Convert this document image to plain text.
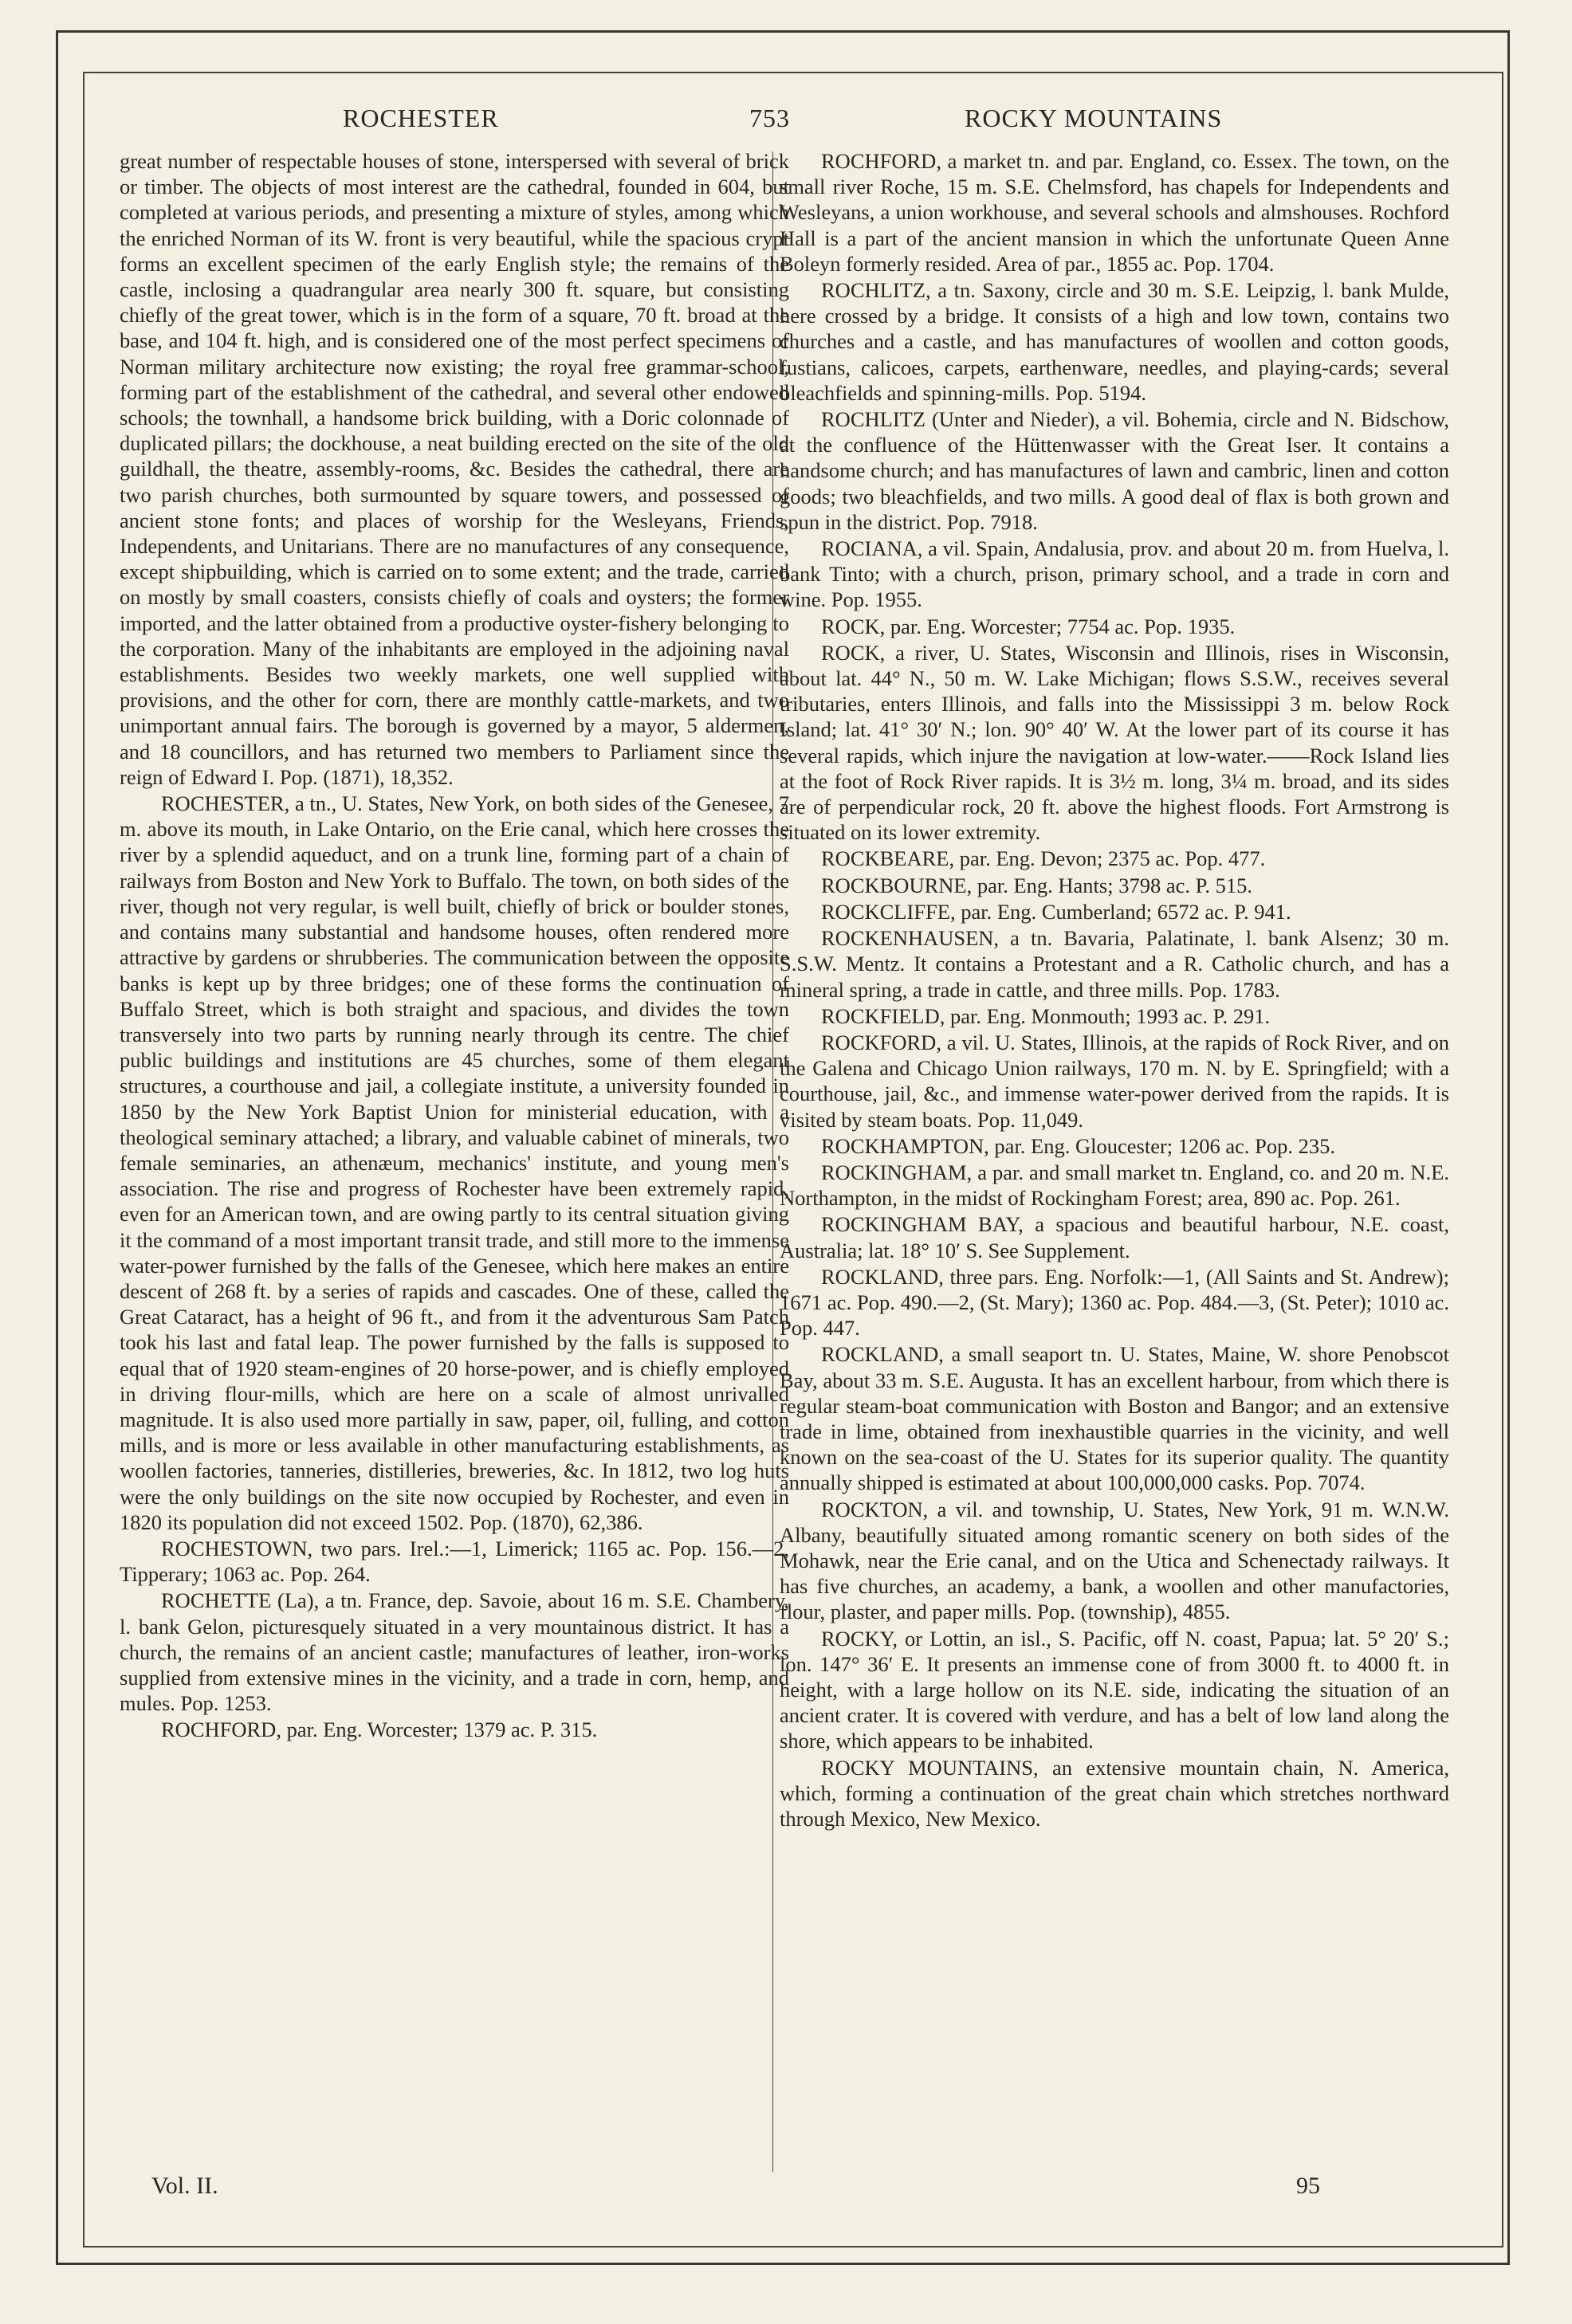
ROCHESTER	753	ROCKY MOUNTAINS

great number of respectable houses of stone, interspersed with several of brick or timber. The objects of most interest are the cathedral, founded in 604, but completed at various periods, and presenting a mixture of styles, among which the enriched Norman of its W. front is very beautiful, while the spacious crypt forms an excellent specimen of the early English style; the remains of the castle, inclosing a quadrangular area nearly 300 ft. square, but consisting chiefly of the great tower, which is in the form of a square, 70 ft. broad at the base, and 104 ft. high, and is considered one of the most perfect specimens of Norman military architecture now existing; the royal free grammar-school, forming part of the establishment of the cathedral, and several other endowed schools; the townhall, a handsome brick building, with a Doric colonnade of duplicated pillars; the dockhouse, a neat building erected on the site of the old guildhall, the theatre, assembly-rooms, &c. Besides the cathedral, there are two parish churches, both surmounted by square towers, and possessed of ancient stone fonts; and places of worship for the Wesleyans, Friends, Independents, and Unitarians. There are no manufactures of any consequence, except shipbuilding, which is carried on to some extent; and the trade, carried on mostly by small coasters, consists chiefly of coals and oysters; the former imported, and the latter obtained from a productive oyster-fishery belonging to the corporation. Many of the inhabitants are employed in the adjoining naval establishments. Besides two weekly markets, one well supplied with provisions, and the other for corn, there are monthly cattle-markets, and two unimportant annual fairs. The borough is governed by a mayor, 5 aldermen, and 18 councillors, and has returned two members to Parliament since the reign of Edward I. Pop. (1871), 18,352.

ROCHESTER, a tn., U. States, New York, on both sides of the Genesee, 7 m. above its mouth, in Lake Ontario, on the Erie canal, which here crosses the river by a splendid aqueduct, and on a trunk line, forming part of a chain of railways from Boston and New York to Buffalo. The town, on both sides of the river, though not very regular, is well built, chiefly of brick or boulder stones, and contains many substantial and handsome houses, often rendered more attractive by gardens or shrubberies. The communication between the opposite banks is kept up by three bridges; one of these forms the continuation of Buffalo Street, which is both straight and spacious, and divides the town transversely into two parts by running nearly through its centre. The chief public buildings and institutions are 45 churches, some of them elegant structures, a courthouse and jail, a collegiate institute, a university founded in 1850 by the New York Baptist Union for ministerial education, with a theological seminary attached; a library, and valuable cabinet of minerals, two female seminaries, an athenæum, mechanics' institute, and young men's association. The rise and progress of Rochester have been extremely rapid, even for an American town, and are owing partly to its central situation giving it the command of a most important transit trade, and still more to the immense water-power furnished by the falls of the Genesee, which here makes an entire descent of 268 ft. by a series of rapids and cascades. One of these, called the Great Cataract, has a height of 96 ft., and from it the adventurous Sam Patch took his last and fatal leap. The power furnished by the falls is supposed to equal that of 1920 steam-engines of 20 horse-power, and is chiefly employed in driving flour-mills, which are here on a scale of almost unrivalled magnitude. It is also used more partially in saw, paper, oil, fulling, and cotton mills, and is more or less available in other manufacturing establishments, as woollen factories, tanneries, distilleries, breweries, &c. In 1812, two log huts were the only buildings on the site now occupied by Rochester, and even in 1820 its population did not exceed 1502. Pop. (1870), 62,386.

ROCHESTOWN, two pars. Irel.:—1, Limerick; 1165 ac. Pop. 156.—2, Tipperary; 1063 ac. Pop. 264.

ROCHETTE (La), a tn. France, dep. Savoie, about 16 m. S.E. Chambery, l. bank Gelon, picturesquely situated in a very mountainous district. It has a church, the remains of an ancient castle; manufactures of leather, iron-works supplied from extensive mines in the vicinity, and a trade in corn, hemp, and mules. Pop. 1253.

ROCHFORD, par. Eng. Worcester; 1379 ac. P. 315.

ROCHFORD, a market tn. and par. England, co. Essex. The town, on the small river Roche, 15 m. S.E. Chelmsford, has chapels for Independents and Wesleyans, a union workhouse, and several schools and almshouses. Rochford Hall is a part of the ancient mansion in which the unfortunate Queen Anne Boleyn formerly resided. Area of par., 1855 ac. Pop. 1704.

ROCHLITZ, a tn. Saxony, circle and 30 m. S.E. Leipzig, l. bank Mulde, here crossed by a bridge. It consists of a high and low town, contains two churches and a castle, and has manufactures of woollen and cotton goods, fustians, calicoes, carpets, earthenware, needles, and playing-cards; several bleachfields and spinning-mills. Pop. 5194.

ROCHLITZ (Unter and Nieder), a vil. Bohemia, circle and N. Bidschow, at the confluence of the Hüttenwasser with the Great Iser. It contains a handsome church; and has manufactures of lawn and cambric, linen and cotton goods; two bleachfields, and two mills. A good deal of flax is both grown and spun in the district. Pop. 7918.

ROCIANA, a vil. Spain, Andalusia, prov. and about 20 m. from Huelva, l. bank Tinto; with a church, prison, primary school, and a trade in corn and wine. Pop. 1955.

ROCK, par. Eng. Worcester; 7754 ac. Pop. 1935.

ROCK, a river, U. States, Wisconsin and Illinois, rises in Wisconsin, about lat. 44° N., 50 m. W. Lake Michigan; flows S.S.W., receives several tributaries, enters Illinois, and falls into the Mississippi 3 m. below Rock Island; lat. 41° 30′ N.; lon. 90° 40′ W. At the lower part of its course it has several rapids, which injure the navigation at low-water.——Rock Island lies at the foot of Rock River rapids. It is 3½ m. long, 3¼ m. broad, and its sides are of perpendicular rock, 20 ft. above the highest floods. Fort Armstrong is situated on its lower extremity.

ROCKBEARE, par. Eng. Devon; 2375 ac. Pop. 477.

ROCKBOURNE, par. Eng. Hants; 3798 ac. P. 515.

ROCKCLIFFE, par. Eng. Cumberland; 6572 ac. P. 941.

ROCKENHAUSEN, a tn. Bavaria, Palatinate, l. bank Alsenz; 30 m. S.S.W. Mentz. It contains a Protestant and a R. Catholic church, and has a mineral spring, a trade in cattle, and three mills. Pop. 1783.

ROCKFIELD, par. Eng. Monmouth; 1993 ac. P. 291.

ROCKFORD, a vil. U. States, Illinois, at the rapids of Rock River, and on the Galena and Chicago Union railways, 170 m. N. by E. Springfield; with a courthouse, jail, &c., and immense water-power derived from the rapids. It is visited by steam boats. Pop. 11,049.

ROCKHAMPTON, par. Eng. Gloucester; 1206 ac. Pop. 235.

ROCKINGHAM, a par. and small market tn. England, co. and 20 m. N.E. Northampton, in the midst of Rockingham Forest; area, 890 ac. Pop. 261.

ROCKINGHAM BAY, a spacious and beautiful harbour, N.E. coast, Australia; lat. 18° 10′ S. See Supplement.

ROCKLAND, three pars. Eng. Norfolk:—1, (All Saints and St. Andrew); 1671 ac. Pop. 490.—2, (St. Mary); 1360 ac. Pop. 484.—3, (St. Peter); 1010 ac. Pop. 447.

ROCKLAND, a small seaport tn. U. States, Maine, W. shore Penobscot Bay, about 33 m. S.E. Augusta. It has an excellent harbour, from which there is regular steam-boat communication with Boston and Bangor; and an extensive trade in lime, obtained from inexhaustible quarries in the vicinity, and well known on the sea-coast of the U. States for its superior quality. The quantity annually shipped is estimated at about 100,000,000 casks. Pop. 7074.

ROCKTON, a vil. and township, U. States, New York, 91 m. W.N.W. Albany, beautifully situated among romantic scenery on both sides of the Mohawk, near the Erie canal, and on the Utica and Schenectady railways. It has five churches, an academy, a bank, a woollen and other manufactories, flour, plaster, and paper mills. Pop. (township), 4855.

ROCKY, or Lottin, an isl., S. Pacific, off N. coast, Papua; lat. 5° 20′ S.; lon. 147° 36′ E. It presents an immense cone of from 3000 ft. to 4000 ft. in height, with a large hollow on its N.E. side, indicating the situation of an ancient crater. It is covered with verdure, and has a belt of low land along the shore, which appears to be inhabited.

ROCKY MOUNTAINS, an extensive mountain chain, N. America, which, forming a continuation of the great chain which stretches northward through Mexico, New Mexico.

Vol. II.	95
